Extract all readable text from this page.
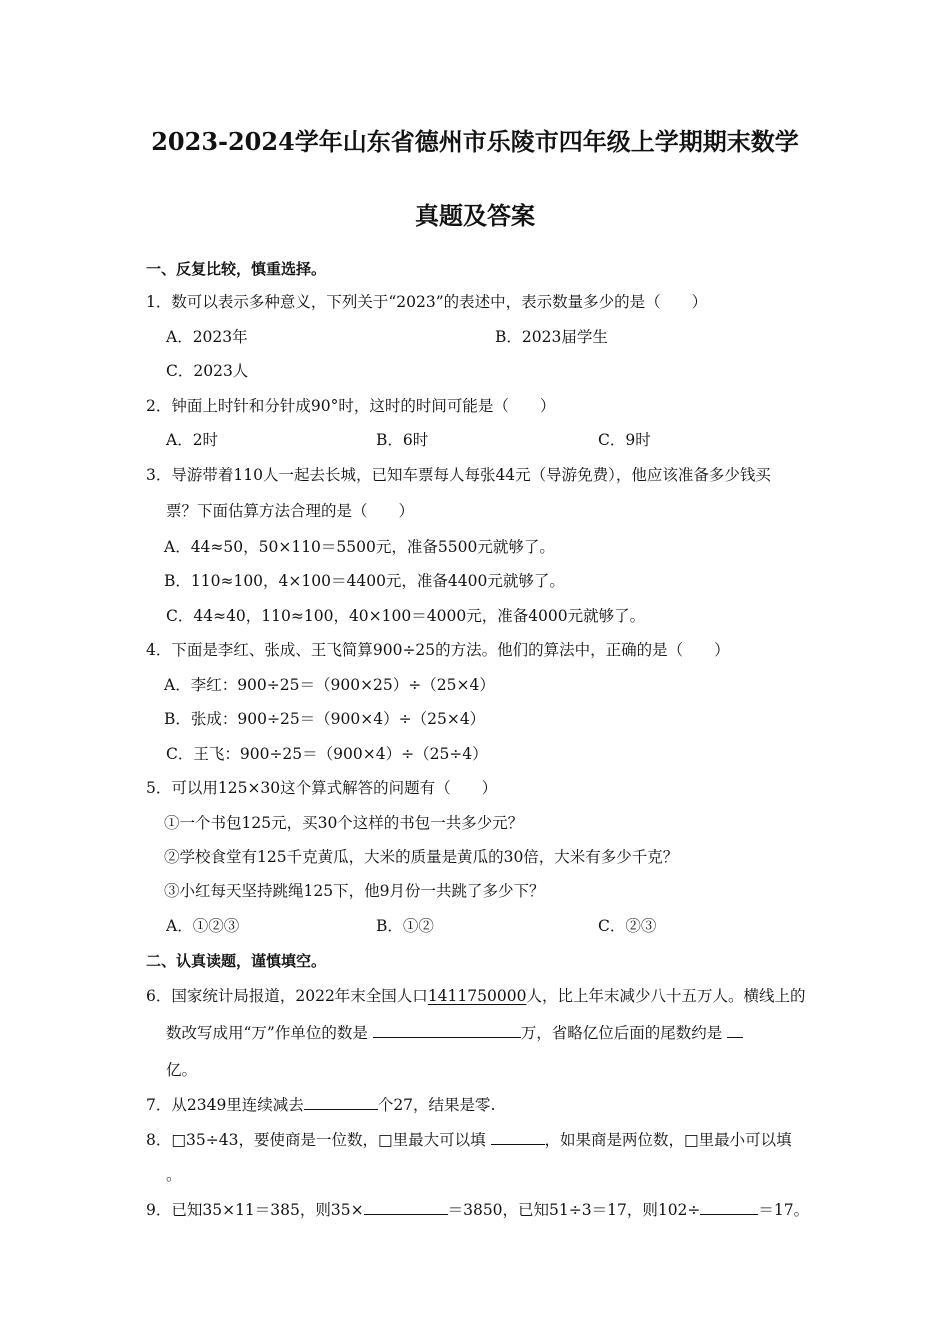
2023-2024学年山东省德州市乐陵市四年级上学期期末数学
真题及答案
一、反复比较，慎重选择。
1．数可以表示多种意义，下列关于“2023”的表述中，表示数量多少的是（　　）
A．2023年	B．2023届学生
C．2023人
2．钟面上时针和分针成90°时，这时的时间可能是（　　）
A．2时	B．6时	C．9时
3．导游带着110人一起去长城，已知车票每人每张44元（导游免费），他应该准备多少钱买
票？下面估算方法合理的是（　　）
A．44≈50，50×110＝5500元，准备5500元就够了。
B．110≈100，4×100＝4400元，准备4400元就够了。
C．44≈40，110≈100，40×100＝4000元，准备4000元就够了。
4．下面是李红、张成、王飞简算900÷25的方法。他们的算法中，正确的是（　　）
A．李红：900÷25＝（900×25）÷（25×4）
B．张成：900÷25＝（900×4）÷（25×4）
C．王飞：900÷25＝（900×4）÷（25÷4）
5．可以用125×30这个算式解答的问题有（　　）
①一个书包125元，买30个这样的书包一共多少元？
②学校食堂有125千克黄瓜，大米的质量是黄瓜的30倍，大米有多少千克？
③小红每天坚持跳绳125下，他9月份一共跳了多少下？
A．①②③	B．①②	C．②③
二、认真读题，谨慎填空。
6．国家统计局报道，2022年末全国人口1411750000人，比上年末减少八十五万人。横线上的
数改写成用“万”作单位的数是	万，省略亿位后面的尾数约是
亿。
7．从2349里连续减去	个27，结果是零.
8．□35÷43，要使商是一位数，□里最大可以填	，如果商是两位数，□里最小可以填
。
9．已知35×11＝385，则35×	＝3850，已知51÷3＝17，则102÷	＝17。
